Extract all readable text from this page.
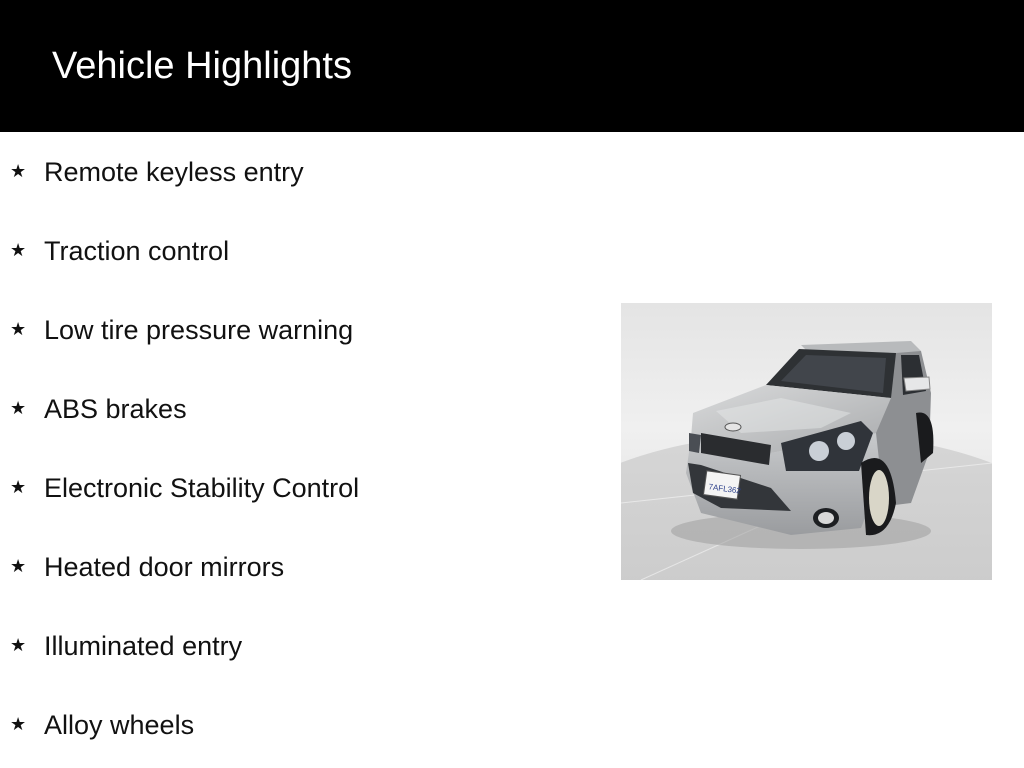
Vehicle Highlights
★ Remote keyless entry
★ Traction control
★ Low tire pressure warning
★ ABS brakes
★ Electronic Stability Control
★ Heated door mirrors
★ Illuminated entry
★ Alloy wheels
7AFL362
